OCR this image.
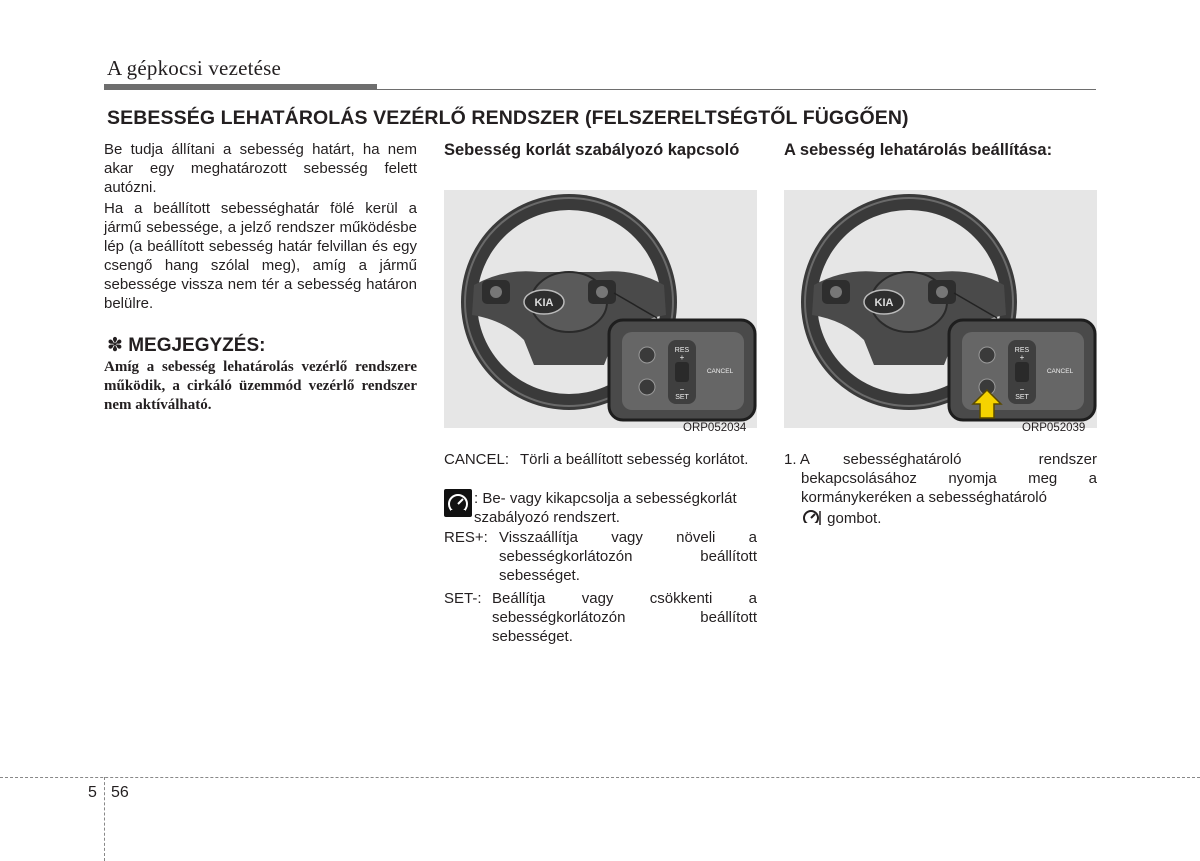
A gépkocsi vezetése
SEBESSÉG LEHATÁROLÁS VEZÉRLŐ RENDSZER (FELSZERELTSÉGTŐL FÜGGŐEN)
Be tudja állítani a sebesség határt, ha nem akar egy meghatározott sebesség felett autózni.
Ha a beállított sebességhatár fölé kerül a jármű sebessége, a jelző rendszer működésbe lép (a beállított sebesség határ felvillan és egy csengő hang szólal meg), amíg a jármű sebessége vissza nem tér a sebesség határon belülre.
✽ MEGJEGYZÉS:
Amíg a sebesség lehatárolás vezérlő rendszere működik, a cirkáló üzemmód vezérlő rendszer nem aktíválható.
Sebesség korlát szabályozó kapcsoló
KIA
RES
+
−
SET
CANCEL
ORP052034
CANCEL: Törli a beállított sebesség korlátot.
: Be- vagy kikapcsolja a sebességkorlát szabályozó rendszert.
RES+: Visszaállítja vagy növeli a sebességkorlátozón beállított sebességet.
SET-: Beállítja vagy csökkenti a sebességkorlátozón beállított sebességet.
A sebesség lehatárolás beállítása:
KIA
RES
+
−
SET
CANCEL
ORP052039
1. A	sebességhatároló rendszer bekapcsolásához nyomja meg a kormánykeréken a sebességhatároló
gombot.
5 56
